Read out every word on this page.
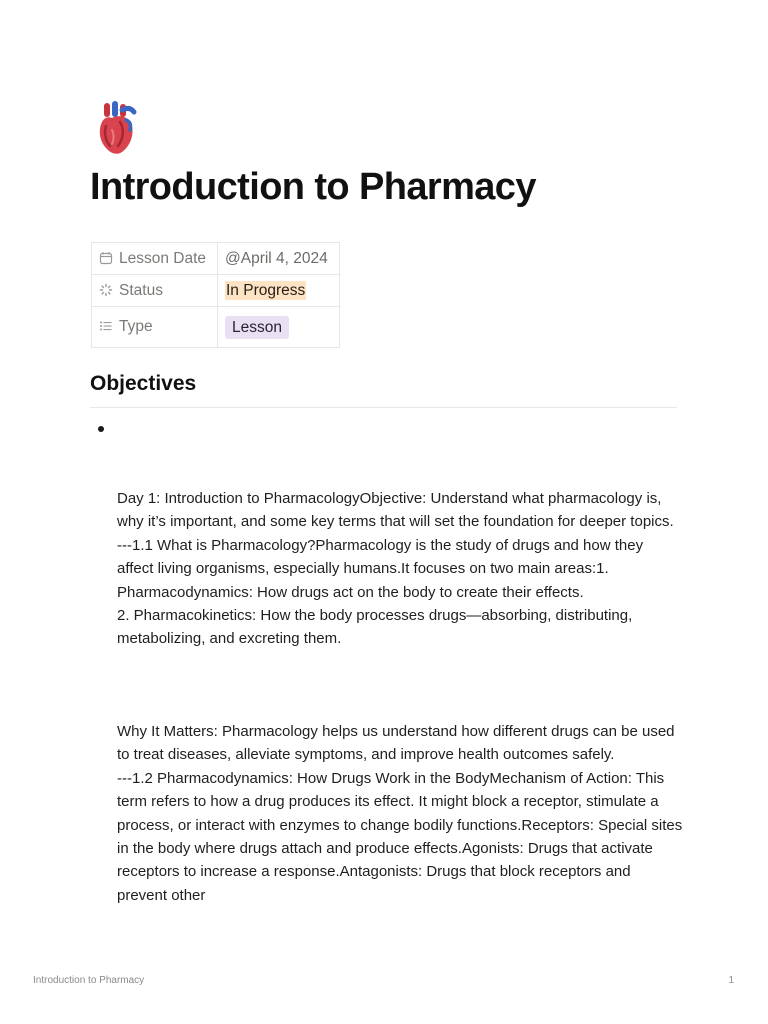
Introduction to Pharmacy
Lesson Date	@April 4, 2024
Status	In Progress
Type	Lesson
Objectives

Day 1: Introduction to PharmacologyObjective: Understand what pharmacology is, why it’s important, and some key terms that will set the foundation for deeper topics.

---1.1 What is Pharmacology?Pharmacology is the study of drugs and how they affect living organisms, especially humans.It focuses on two main areas:1. Pharmacodynamics: How drugs act on the body to create their effects.

2. Pharmacokinetics: How the body processes drugs—absorbing, distributing, metabolizing, and excreting them.

Why It Matters: Pharmacology helps us understand how different drugs can be used to treat diseases, alleviate symptoms, and improve health outcomes safely.

---1.2 Pharmacodynamics: How Drugs Work in the BodyMechanism of Action: This term refers to how a drug produces its effect. It might block a receptor, stimulate a process, or interact with enzymes to change bodily functions.Receptors: Special sites in the body where drugs attach and produce effects.Agonists: Drugs that activate receptors to increase a response.Antagonists: Drugs that block receptors and prevent other

Introduction to Pharmacy	1
